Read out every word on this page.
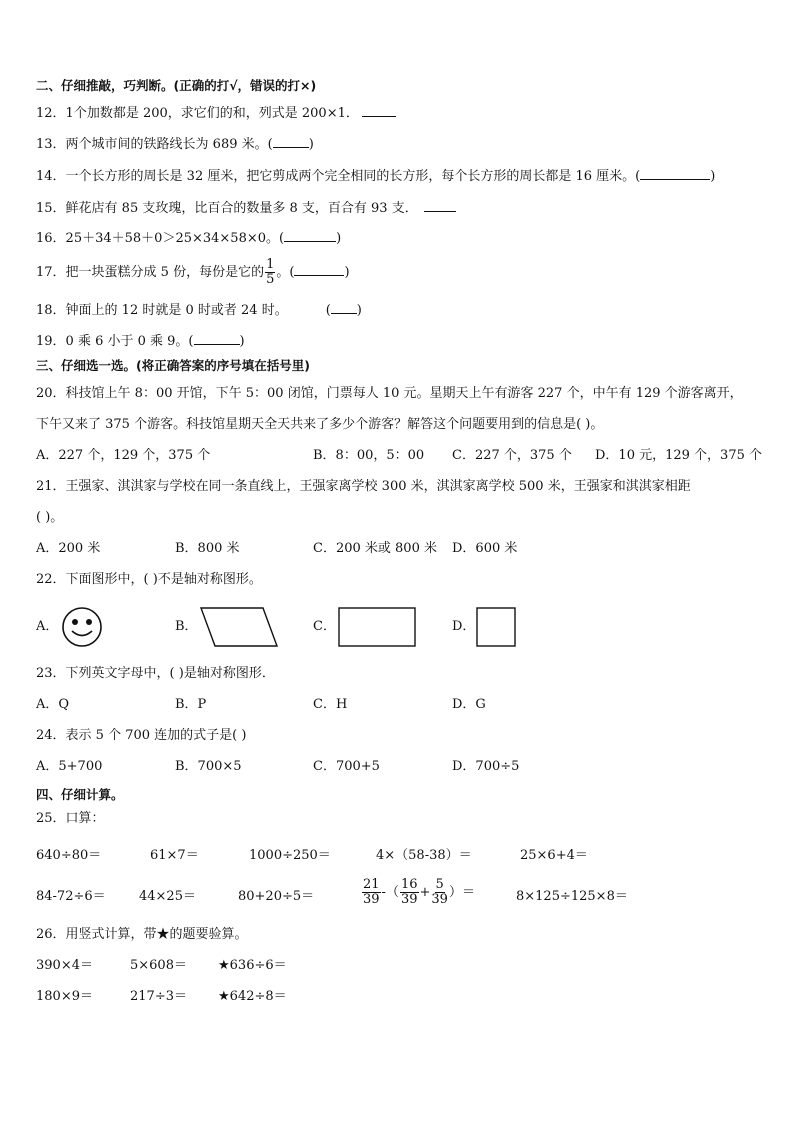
二、仔细推敲，巧判断。(正确的打√，错误的打×)
12．1个加数都是 200，求它们的和，列式是 200×1．
13．两个城市间的铁路线长为 689 米。(	)
14．一个长方形的周长是 32 厘米，把它剪成两个完全相同的长方形，每个长方形的周长都是 16 厘米。(	)
15．鲜花店有 85 支玫瑰，比百合的数量多 8 支，百合有 93 支．
16．25＋34＋58＋0＞25×34×58×0。(	)
17．把一块蛋糕分成 5 份，每份是它的 $\frac{1}{5}$ 。(	)
18．钟面上的 12 时就是 0 时或者 24 时。	( )
19．0 乘 6 小于 0 乘 9。(	)
三、仔细选一选。(将正确答案的序号填在括号里)
20．科技馆上午 8：00 开馆，下午 5：00 闭馆，门票每人 10 元。星期天上午有游客 227 个，中午有 129 个游客离开，
下午又来了 375 个游客。科技馆星期天全天共来了多少个游客？解答这个问题要用到的信息是( )。
A．227 个，129 个，375 个	B．8：00，5：00 C．227 个，375 个 D．10 元，129 个，375 个
21．王强家、淇淇家与学校在同一条直线上，王强家离学校 300 米，淇淇家离学校 500 米，王强家和淇淇家相距
( )。
A．200 米	B．800 米	C．200 米或 800 米 D．600 米
22．下面图形中，( )不是轴对称图形。
A．	B．	C．	D．
23．下列英文字母中，( )是轴对称图形．
A．Q	B．P	C．H	D．G
24．表示 5 个 700 连加的式子是( )
A．5+700	B．700×5	C．700+5	D．700÷5
四、仔细计算。
25．口算：
640÷80＝	61×7＝	1000÷250＝	4×（58-38）＝	25×6+4＝
84-72÷6＝	44×25＝	80+20÷5＝	$\frac{21}{39}$ -（ $\frac{16}{39} + \frac{5}{39}$ ）＝	8×125÷125×8＝
26．用竖式计算，带★的题要验算。
390×4＝	5×608＝ ★636÷6＝
180×9＝	217÷3＝ ★642÷8＝
